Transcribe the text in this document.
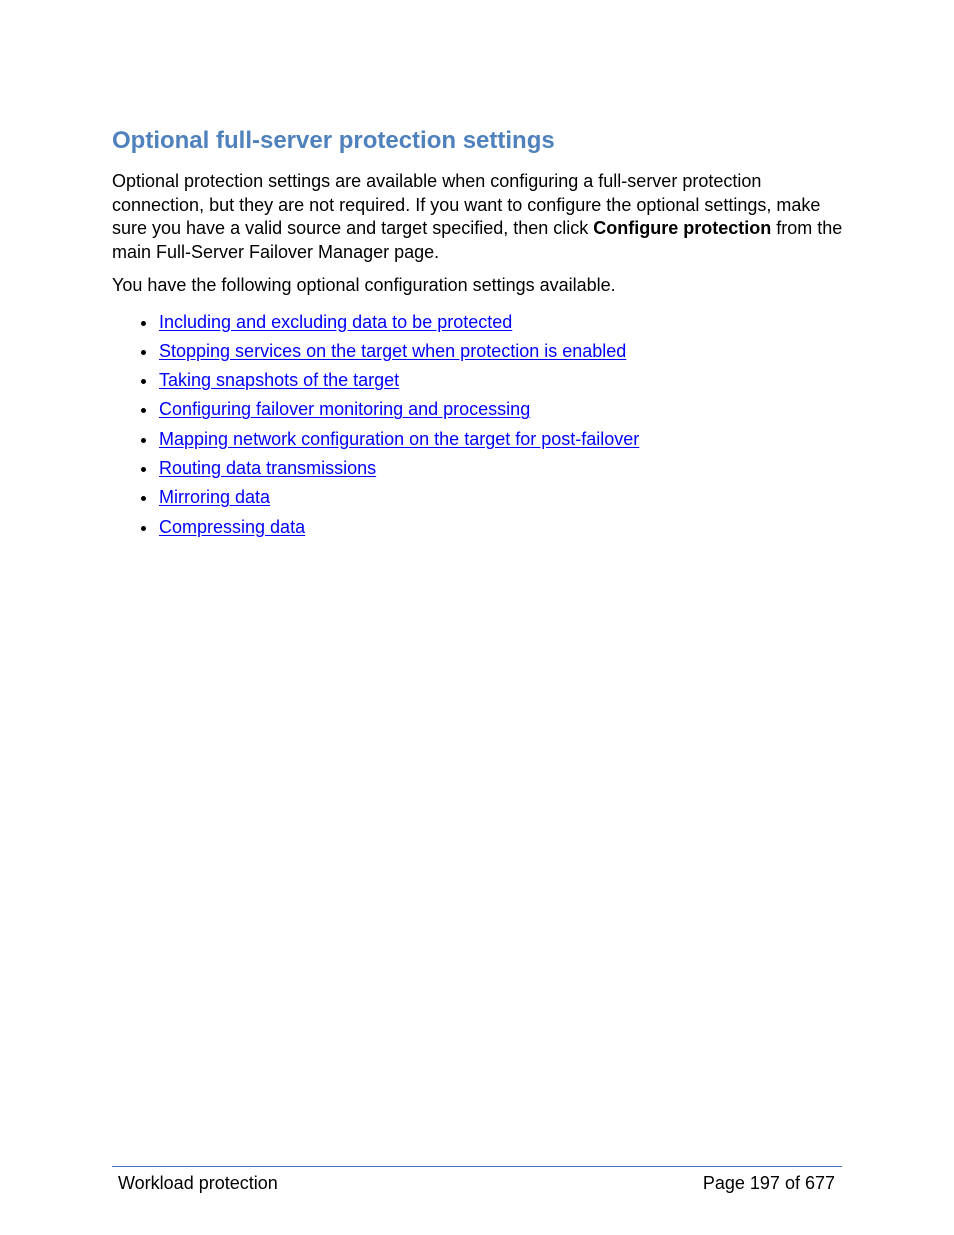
Optional full-server protection settings

Optional protection settings are available when configuring a full-server protection connection, but they are not required. If you want to configure the optional settings, make sure you have a valid source and target specified, then click Configure protection from the main Full-Server Failover Manager page.

You have the following optional configuration settings available.

Including and excluding data to be protected
Stopping services on the target when protection is enabled
Taking snapshots of the target
Configuring failover monitoring and processing
Mapping network configuration on the target for post-failover
Routing data transmissions
Mirroring data
Compressing data
Workload protection	Page 197 of 677
